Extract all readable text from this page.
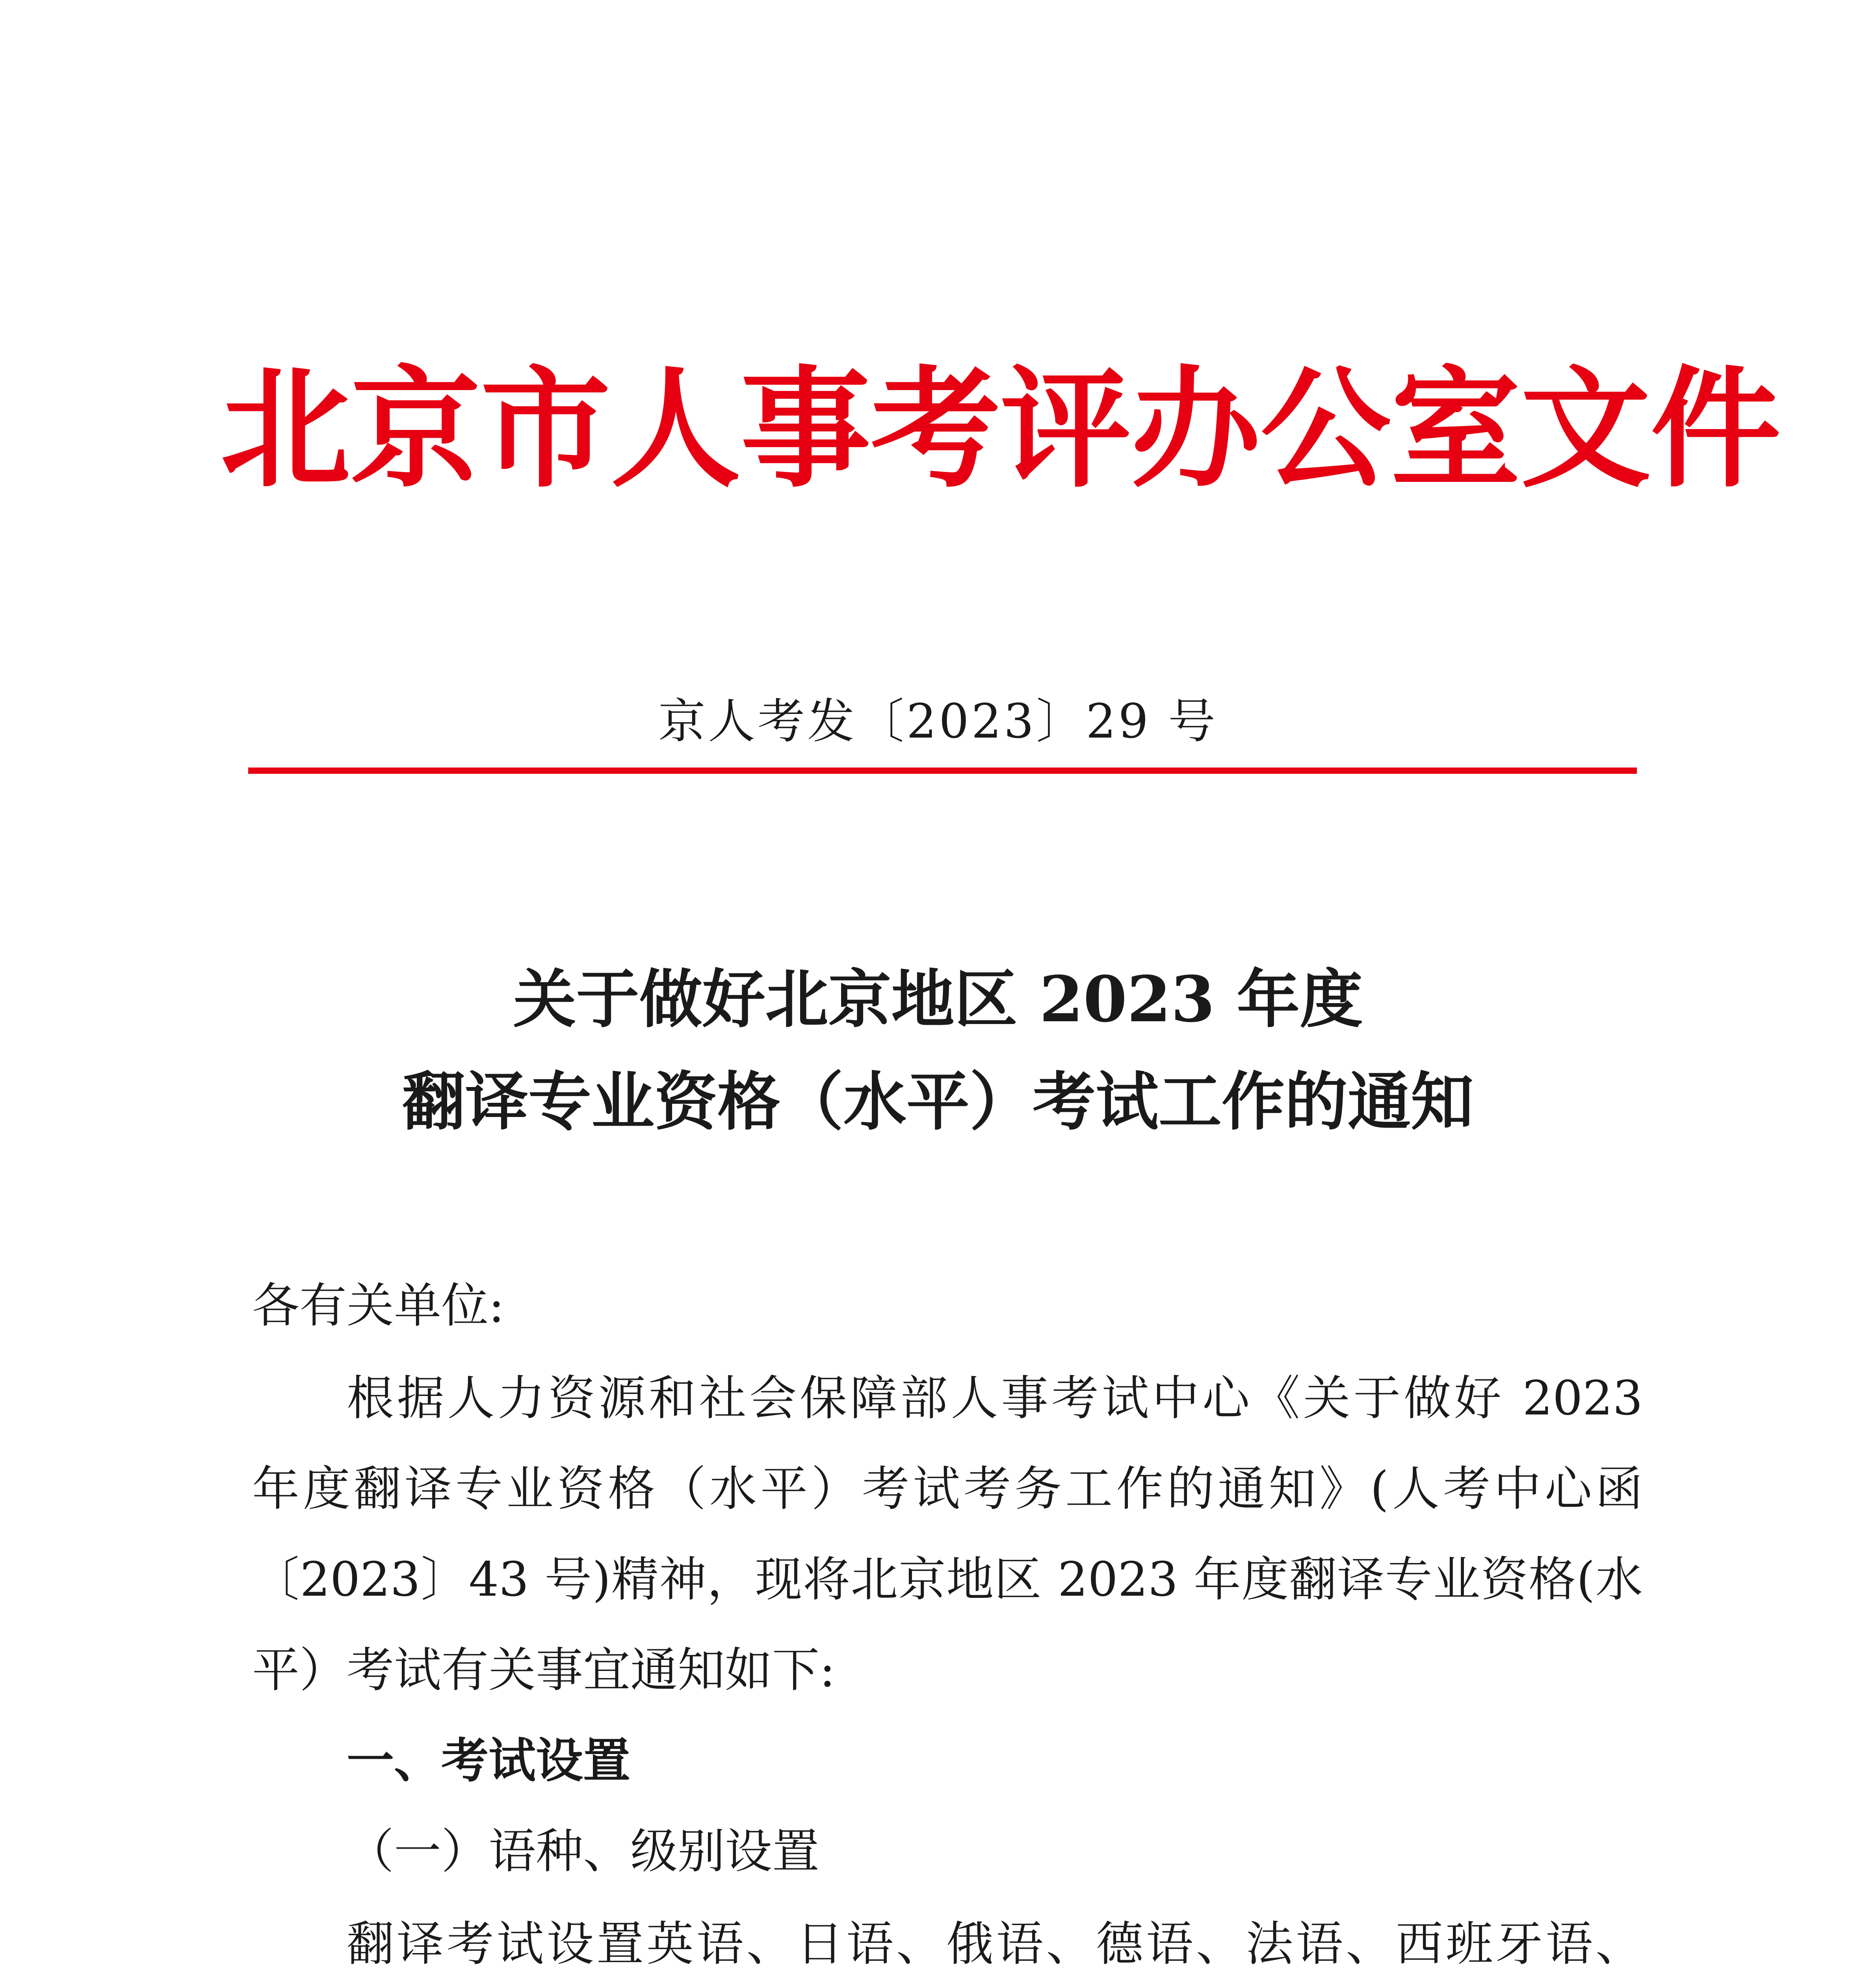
北 京 市 人 事 考 评 办 公 室 文 件
京人考发〔2023〕29 号
关于做好北京地区 2023 年度
翻译专业资格（水平）考试工作的通知
各有关单位:
根据人力资源和社会保障部人事考试中心《关于做好 2023
年度翻译专业资格（水平）考试考务工作的通知》(人考中心函
〔2023〕43 号)精神，现将北京地区 2023 年度翻译专业资格(水
平）考试有关事宜通知如下:
一、考试设置
（一）语种、级别设置
翻译考试设置英语、日语、俄语、德语、法语、西班牙语、
